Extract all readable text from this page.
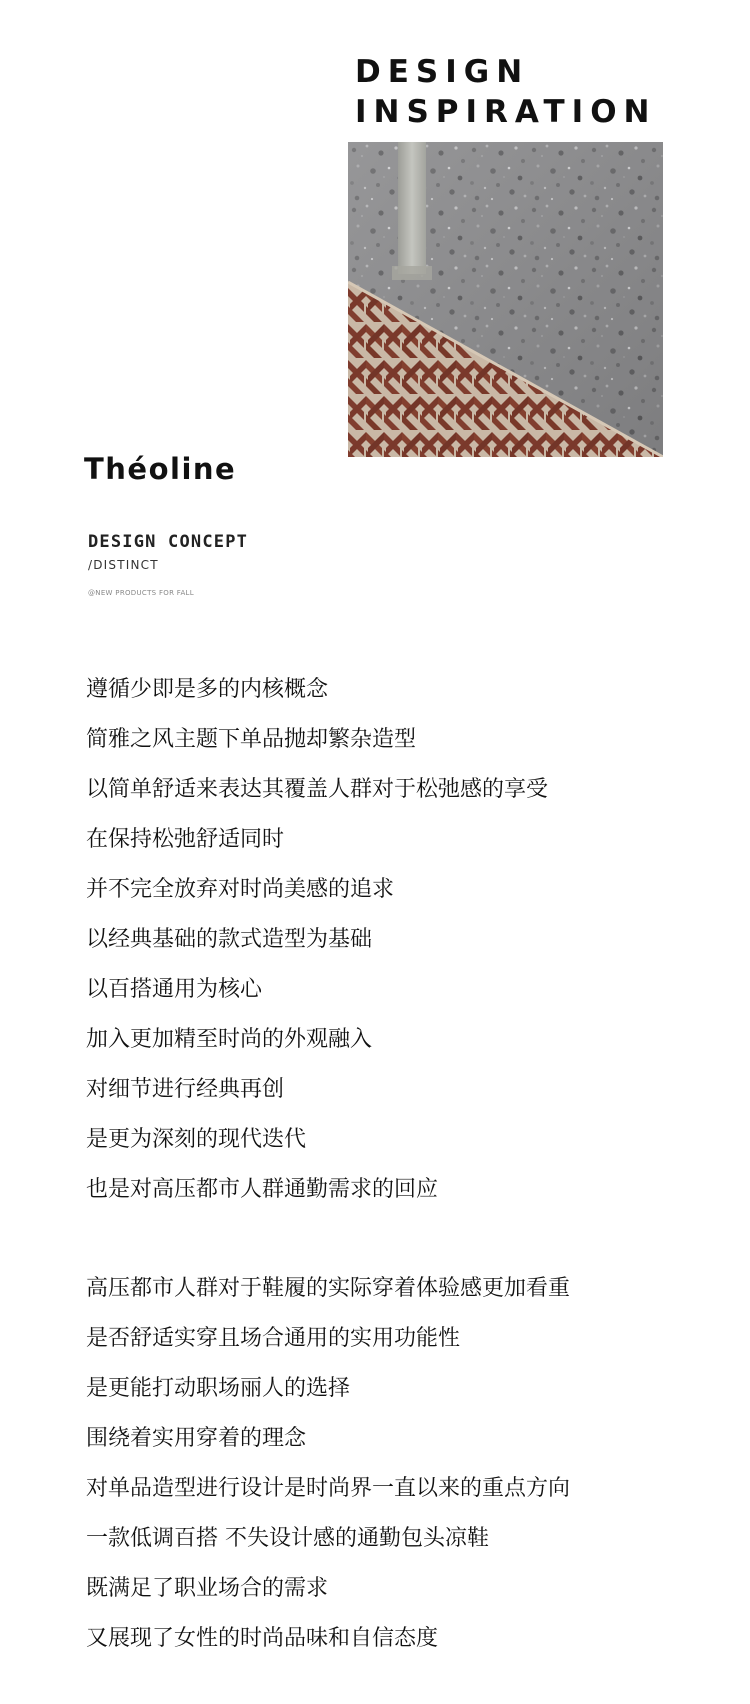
DESIGN
INSPIRATION
Théoline
DESIGN CONCEPT
/DISTINCT
@NEW PRODUCTS FOR FALL
遵循少即是多的内核概念
简雅之风主题下单品抛却繁杂造型
以简单舒适来表达其覆盖人群对于松弛感的享受
在保持松弛舒适同时
并不完全放弃对时尚美感的追求
以经典基础的款式造型为基础
以百搭通用为核心
加入更加精至时尚的外观融入
对细节进行经典再创
是更为深刻的现代迭代
也是对高压都市人群通勤需求的回应
高压都市人群对于鞋履的实际穿着体验感更加看重
是否舒适实穿且场合通用的实用功能性
是更能打动职场丽人的选择
围绕着实用穿着的理念
对单品造型进行设计是时尚界一直以来的重点方向
一款低调百搭 不失设计感的通勤包头凉鞋
既满足了职业场合的需求
又展现了女性的时尚品味和自信态度
